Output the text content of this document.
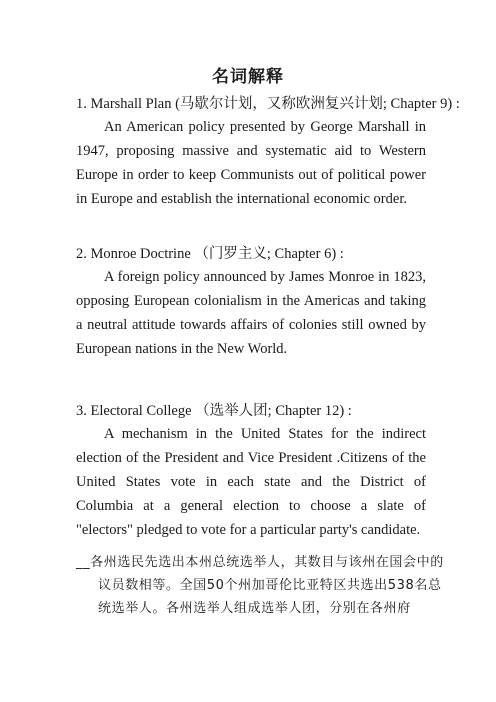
名词解释
1. Marshall Plan (马歇尔计划，又称欧洲复兴计划; Chapter 9) :
An American policy presented by George Marshall in 1947, proposing massive and systematic aid to Western Europe in order to keep Communists out of political power in Europe and establish the international economic order.
2. Monroe Doctrine （门罗主义; Chapter 6) :
A foreign policy announced by James Monroe in 1823, opposing European colonialism in the Americas and taking a neutral attitude towards affairs of colonies still owned by European nations in the New World.
3. Electoral College （选举人团; Chapter 12) :
A mechanism in the United States for the indirect election of the President and Vice President .Citizens of the United States vote in each state and the District of Columbia at a general election to choose a slate of "electors" pledged to vote for a particular party's candidate.
__各州选民先选出本州总统选举人，其数目与该州在国会中的议员数相等。全国50个州加哥伦比亚特区共选出538名总统选举人。各州选举人组成选举人团，分别在各州府
